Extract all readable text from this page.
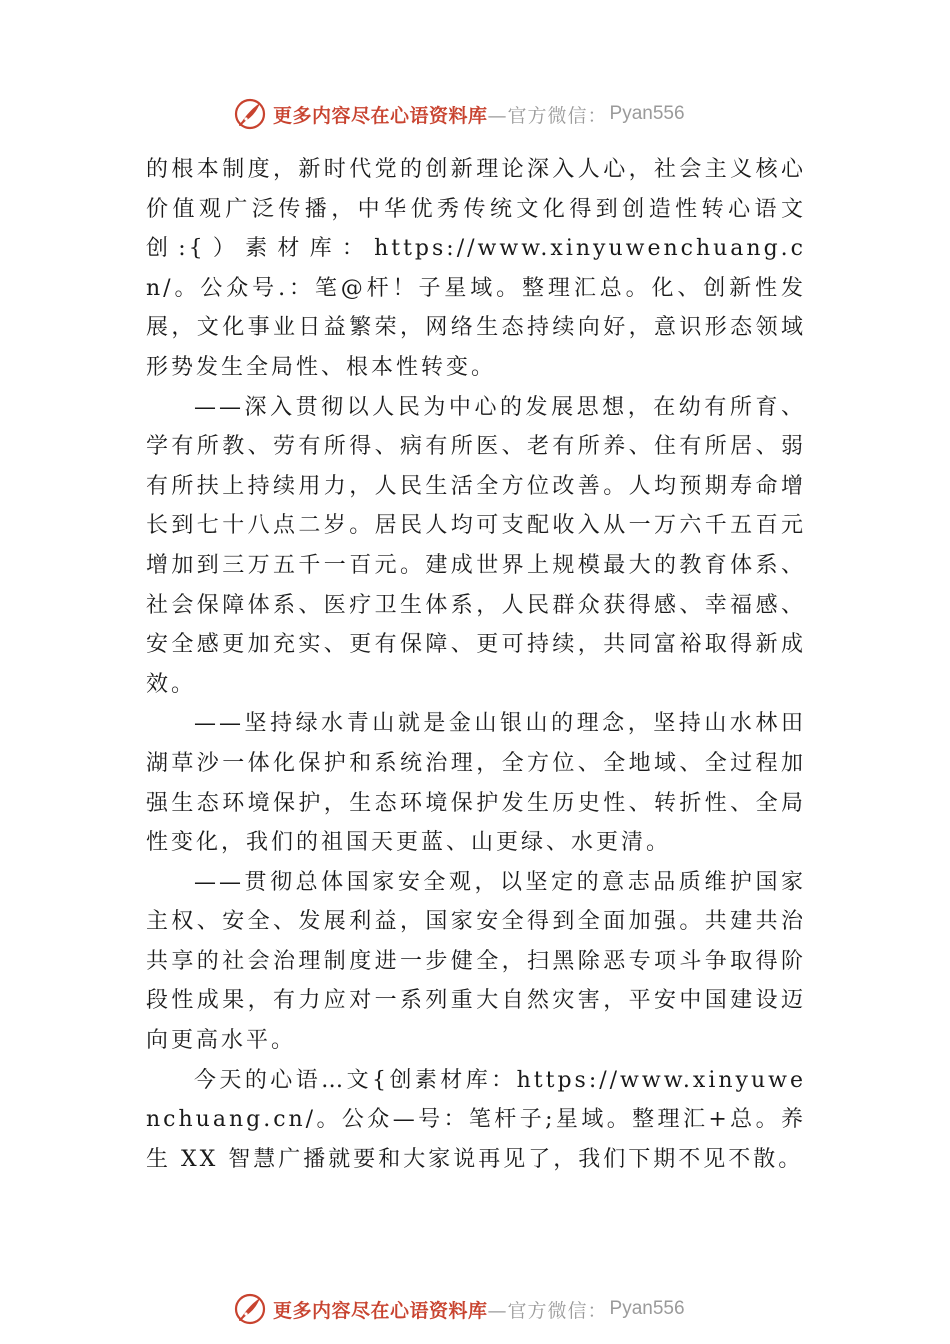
更多内容尽在心语资料库 —官方微信： Pyan556

的根本制度，新时代党的创新理论深入人心，社会主义核心价值观广泛传播，中华优秀传统文化得到创造性转心语文创:{）素材库：https://www.xinyuwenchuang.cn/。公众号.：笔@杆！子星域。整理汇总。化、创新性发展，文化事业日益繁荣，网络生态持续向好，意识形态领域形势发生全局性、根本性转变。

——深入贯彻以人民为中心的发展思想，在幼有所育、学有所教、劳有所得、病有所医、老有所养、住有所居、弱有所扶上持续用力，人民生活全方位改善。人均预期寿命增长到七十八点二岁。居民人均可支配收入从一万六千五百元增加到三万五千一百元。建成世界上规模最大的教育体系、 社会保障体系、医疗卫生体系，人民群众获得感、幸福感、 安全感更加充实、更有保障、更可持续，共同富裕取得新成效。

——坚持绿水青山就是金山银山的理念，坚持山水林田湖草沙一体化保护和系统治理，全方位、全地域、全过程加强生态环境保护，生态环境保护发生历史性、转折性、全局性变化，我们的祖国天更蓝、山更绿、水更清。

——贯彻总体国家安全观，以坚定的意志品质维护国家主权、安全、发展利益，国家安全得到全面加强。共建共治 共享的社会治理制度进一步健全，扫黑除恶专项斗争取得阶段性成果，有力应对一系列重大自然灾害，平安中国建设迈向更高水平。

今天的心语…文{创素材库：https://www.xinyuwenchuang.cn/。公众—号：笔杆子;星域。整理汇+总。养生 XX 智慧广播就要和大家说再见了，我们下期不见不散。

更多内容尽在心语资料库 —官方微信： Pyan556
